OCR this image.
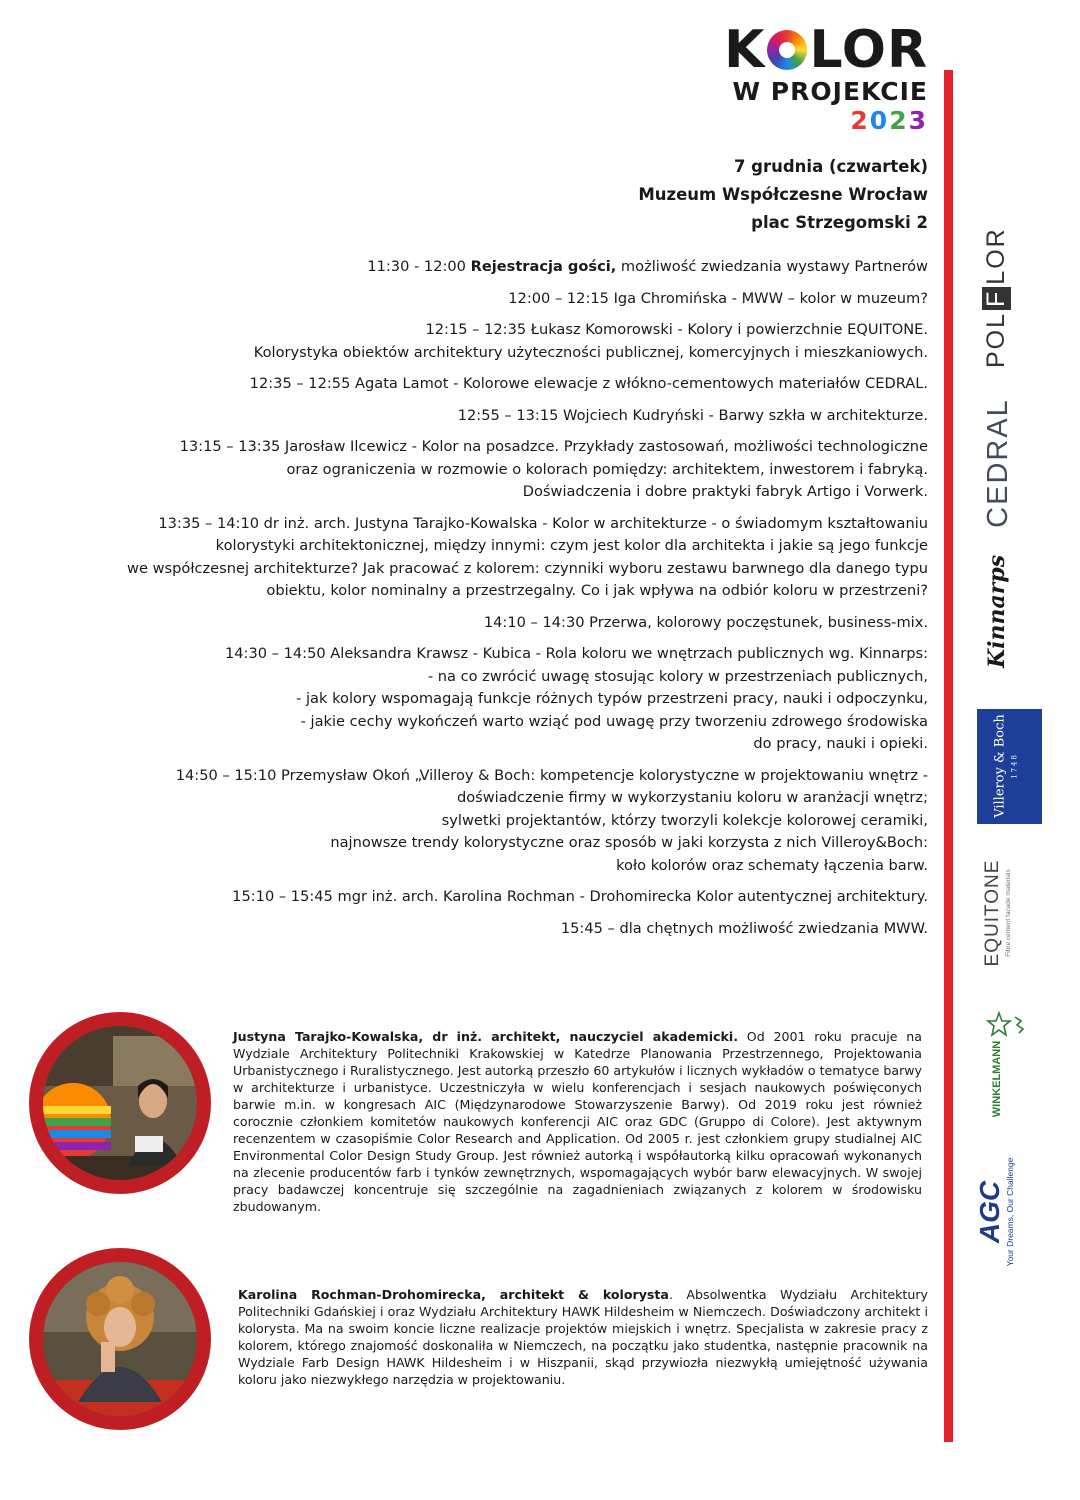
K LOR
W PROJEKCIE
2023
7 grudnia (czwartek)
Muzeum Współczesne Wrocław
plac Strzegomski 2
11:30 - 12:00 Rejestracja gości, możliwość zwiedzania wystawy Partnerów
12:00 – 12:15 Iga Chromińska - MWW – kolor w muzeum?
12:15 – 12:35 Łukasz Komorowski - Kolory i powierzchnie EQUITONE.
Kolorystyka obiektów architektury użyteczności publicznej, komercyjnych i mieszkaniowych.
12:35 – 12:55 Agata Lamot - Kolorowe elewacje z włókno-cementowych materiałów CEDRAL.
12:55 – 13:15 Wojciech Kudryński - Barwy szkła w architekturze.
13:15 – 13:35 Jarosław Ilcewicz - Kolor na posadzce. Przykłady zastosowań, możliwości technologiczne
oraz ograniczenia w rozmowie o kolorach pomiędzy: architektem, inwestorem i fabryką.
Doświadczenia i dobre praktyki fabryk Artigo i Vorwerk.
13:35 – 14:10 dr inż. arch. Justyna Tarajko-Kowalska - Kolor w architekturze - o świadomym kształtowaniu
kolorystyki architektonicznej, między innymi: czym jest kolor dla architekta i jakie są jego funkcje
we współczesnej architekturze? Jak pracować z kolorem: czynniki wyboru zestawu barwnego dla danego typu
obiektu, kolor nominalny a przestrzegalny. Co i jak wpływa na odbiór koloru w przestrzeni?
14:10 – 14:30 Przerwa, kolorowy poczęstunek, business-mix.
14:30 – 14:50 Aleksandra Krawsz - Kubica - Rola koloru we wnętrzach publicznych wg. Kinnarps:
- na co zwrócić uwagę stosując kolory w przestrzeniach publicznych,
- jak kolory wspomagają funkcje różnych typów przestrzeni pracy, nauki i odpoczynku,
- jakie cechy wykończeń warto wziąć pod uwagę przy tworzeniu zdrowego środowiska
do pracy, nauki i opieki.
14:50 – 15:10 Przemysław Okoń „Villeroy & Boch: kompetencje kolorystyczne w projektowaniu wnętrz -
doświadczenie firmy w wykorzystaniu koloru w aranżacji wnętrz;
sylwetki projektantów, którzy tworzyli kolekcje kolorowej ceramiki,
najnowsze trendy kolorystyczne oraz sposób w jaki korzysta z nich Villeroy&Boch:
koło kolorów oraz schematy łączenia barw.
15:10 – 15:45 mgr inż. arch. Karolina Rochman - Drohomirecka Kolor autentycznej architektury.
15:45 – dla chętnych możliwość zwiedzania MWW.
POLFLOR
CEDRAL
Kinnarps
Villeroy & Boch 1748
EQUITONE Fibre cement facade materials
WINKELMANN
AGC Your Dreams, Our Challenge
Justyna Tarajko-Kowalska, dr inż. architekt, nauczyciel akademicki. Od 2001 roku pracuje na Wydziale Architektury Politechniki Krakowskiej w Katedrze Planowania Przestrzennego, Projektowania Urbanistycznego i Ruralistycznego. Jest autorką przeszło 60 artykułów i licznych wykładów o tematyce barwy w architekturze i urbanistyce. Uczestniczyła w wielu konferencjach i sesjach naukowych poświęconych barwie m.in. w kongresach AIC (Międzynarodowe Stowarzyszenie Barwy). Od 2019 roku jest również corocznie członkiem komitetów naukowych konferencji AIC oraz GDC (Gruppo di Colore). Jest aktywnym recenzentem w czasopiśmie Color Research and Application. Od 2005 r. jest członkiem grupy studialnej AIC Environmental Color Design Study Group. Jest również autorką i współautorką kilku opracowań wykonanych na zlecenie producentów farb i tynków zewnętrznych, wspomagających wybór barw elewacyjnych. W swojej pracy badawczej koncentruje się szczególnie na zagadnieniach związanych z kolorem w środowisku zbudowanym.
Karolina Rochman-Drohomirecka, architekt & kolorysta. Absolwentka Wydziału Architektury Politechniki Gdańskiej i oraz Wydziału Architektury HAWK Hildesheim w Niemczech. Doświadczony architekt i kolorysta. Ma na swoim koncie liczne realizacje projektów miejskich i wnętrz. Specjalista w zakresie pracy z kolorem, którego znajomość doskonaliła w Niemczech, na początku jako studentka, następnie pracownik na Wydziale Farb Design HAWK Hildesheim i w Hiszpanii, skąd przywiozła niezwykłą umiejętność używania koloru jako niezwykłego narzędzia w projektowaniu.
